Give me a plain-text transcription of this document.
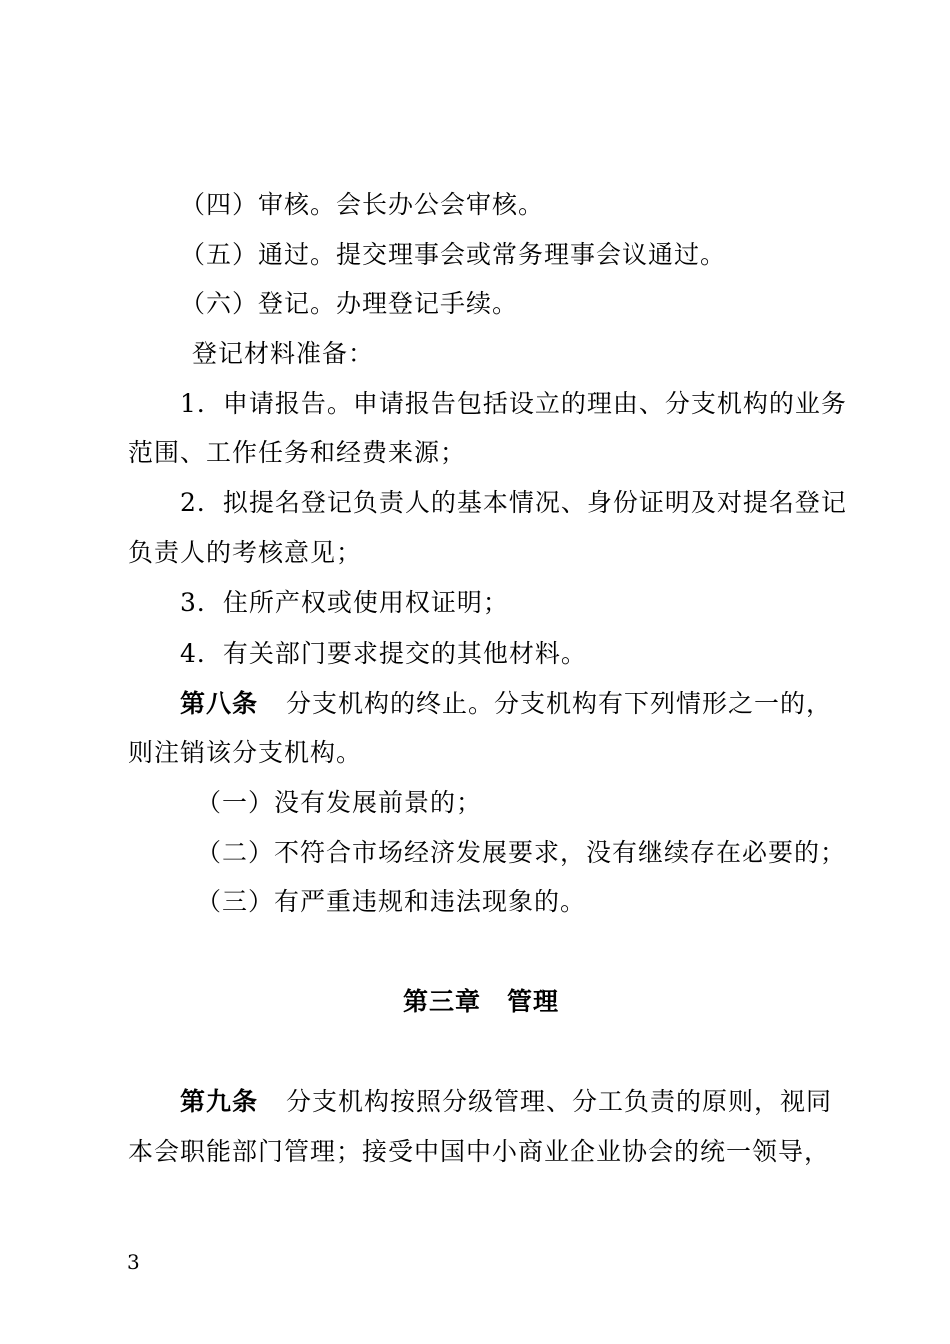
（四）审核。会长办公会审核。
（五）通过。提交理事会或常务理事会议通过。
（六）登记。办理登记手续。
登记材料准备：
1．申请报告。申请报告包括设立的理由、分支机构的业务
范围、工作任务和经费来源；
2．拟提名登记负责人的基本情况、身份证明及对提名登记
负责人的考核意见；
3．住所产权或使用权证明；
4．有关部门要求提交的其他材料。
第八条 分支机构的终止。分支机构有下列情形之一的，
则注销该分支机构。
（一）没有发展前景的；
（二）不符合市场经济发展要求，没有继续存在必要的；
（三）有严重违规和违法现象的。
第三章　管理
第九条 分支机构按照分级管理、分工负责的原则，视同
本会职能部门管理；接受中国中小商业企业协会的统一领导，
3
